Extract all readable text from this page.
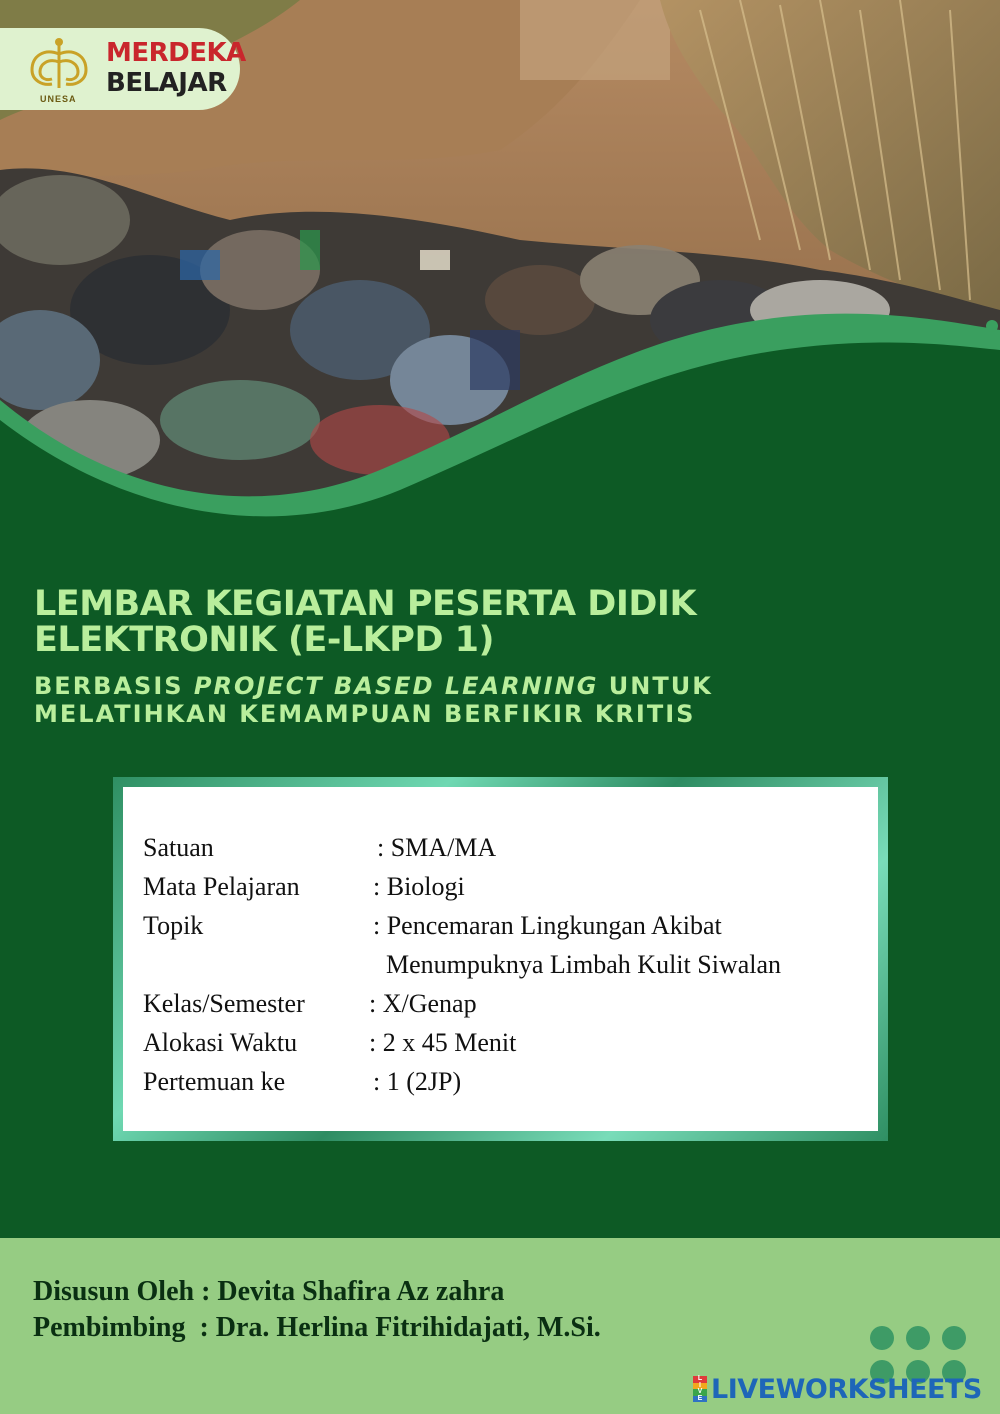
UNESA
MERDEKA
BELAJAR
LEMBAR KEGIATAN PESERTA DIDIK
ELEKTRONIK (E-LKPD 1)
BERBASIS PROJECT BASED LEARNING UNTUK
MELATIHKAN KEMAMPUAN BERFIKIR KRITIS
Satuan	: SMA/MA
Mata Pelajaran	: Biologi
Topik	: Pencemaran Lingkungan Akibat
Menumpuknya Limbah Kulit Siwalan
Kelas/Semester : X/Genap
Alokasi Waktu	: 2 x 45 Menit
Pertemuan ke	: 1 (2JP)
Disusun Oleh : Devita Shafira Az zahra
Pembimbing  : Dra. Herlina Fitrihidajati, M.Si.
L
I
V
E LIVEWORKSHEETS
